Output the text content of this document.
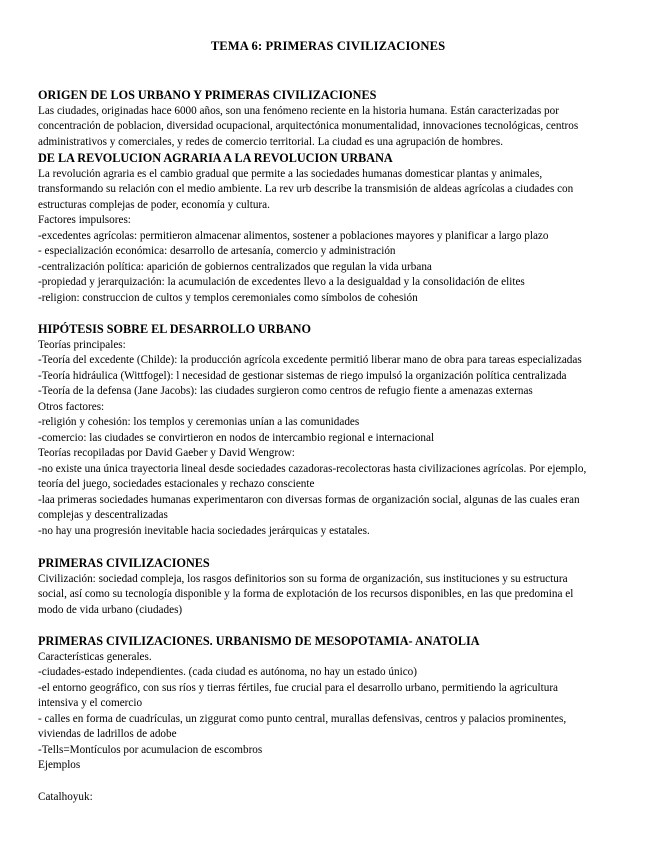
TEMA 6: PRIMERAS CIVILIZACIONES

ORIGEN DE LOS URBANO Y PRIMERAS CIVILIZACIONES

Las ciudades, originadas hace 6000 años, son una fenómeno reciente en la historia humana. Están caracterizadas por

concentración de poblacion, diversidad ocupacional, arquitectónica monumentalidad, innovaciones tecnológicas, centros

administrativos y comerciales, y redes de comercio territorial. La ciudad es una agrupación de hombres.

DE LA REVOLUCION AGRARIA A LA REVOLUCION URBANA

La revolución agraria es el cambio gradual que permite a las sociedades humanas domesticar plantas y animales,

transformando su relación con el medio ambiente. La rev urb describe la transmisión de aldeas agrícolas a ciudades con

estructuras complejas de poder, economía y cultura.

Factores impulsores:

-excedentes agrícolas: permitieron almacenar alimentos, sostener a poblaciones mayores y planificar a largo plazo

- especialización económica: desarrollo de artesanía, comercio y administración

-centralización política: aparición de gobiernos centralizados que regulan la vida urbana

-propiedad y jerarquización: la acumulación de excedentes llevo a la desigualdad y la consolidación de elites

-religion: construccion de cultos y templos ceremoniales como símbolos de cohesión

HIPÓTESIS SOBRE EL DESARROLLO URBANO

Teorías principales:

-Teoría del excedente (Childe): la producción agrícola excedente permitió liberar mano de obra para tareas especializadas

-Teoría hidráulica (Wittfogel): l necesidad de gestionar sistemas de riego impulsó la organización política centralizada

-Teoría de la defensa (Jane Jacobs): las ciudades surgieron como centros de refugio fiente a amenazas externas

Otros factores:

-religión y cohesión: los templos y ceremonias unían a las comunidades

-comercio: las ciudades se convirtieron en nodos de intercambio regional e internacional

Teorías recopiladas por David Gaeber y David Wengrow:

-no existe una única trayectoria lineal desde sociedades cazadoras-recolectoras hasta civilizaciones agrícolas. Por ejemplo,

teoría del juego, sociedades estacionales y rechazo consciente

-laa primeras sociedades humanas experimentaron con diversas formas de organización social, algunas de las cuales eran

complejas y descentralizadas

-no hay una progresión inevitable hacia sociedades jerárquicas y estatales.

PRIMERAS CIVILIZACIONES

Civilización: sociedad compleja, los rasgos definitorios son su forma de organización, sus instituciones y su estructura

social, así como su tecnología disponible y la forma de explotación de los recursos disponibles, en las que predomina el

modo de vida urbano (ciudades)

PRIMERAS CIVILIZACIONES. URBANISMO DE MESOPOTAMIA- ANATOLIA

Características generales.

-ciudades-estado independientes. (cada ciudad es autónoma, no hay un estado único)

-el entorno geográfico, con sus ríos y tierras fértiles, fue crucial para el desarrollo urbano, permitiendo la agricultura

intensiva y el comercio

- calles en forma de cuadrículas, un ziggurat como punto central, murallas defensivas, centros y palacios prominentes,

viviendas de ladrillos de adobe

-Tells=Montículos por acumulacion de escombros

Ejemplos

Catalhoyuk:
